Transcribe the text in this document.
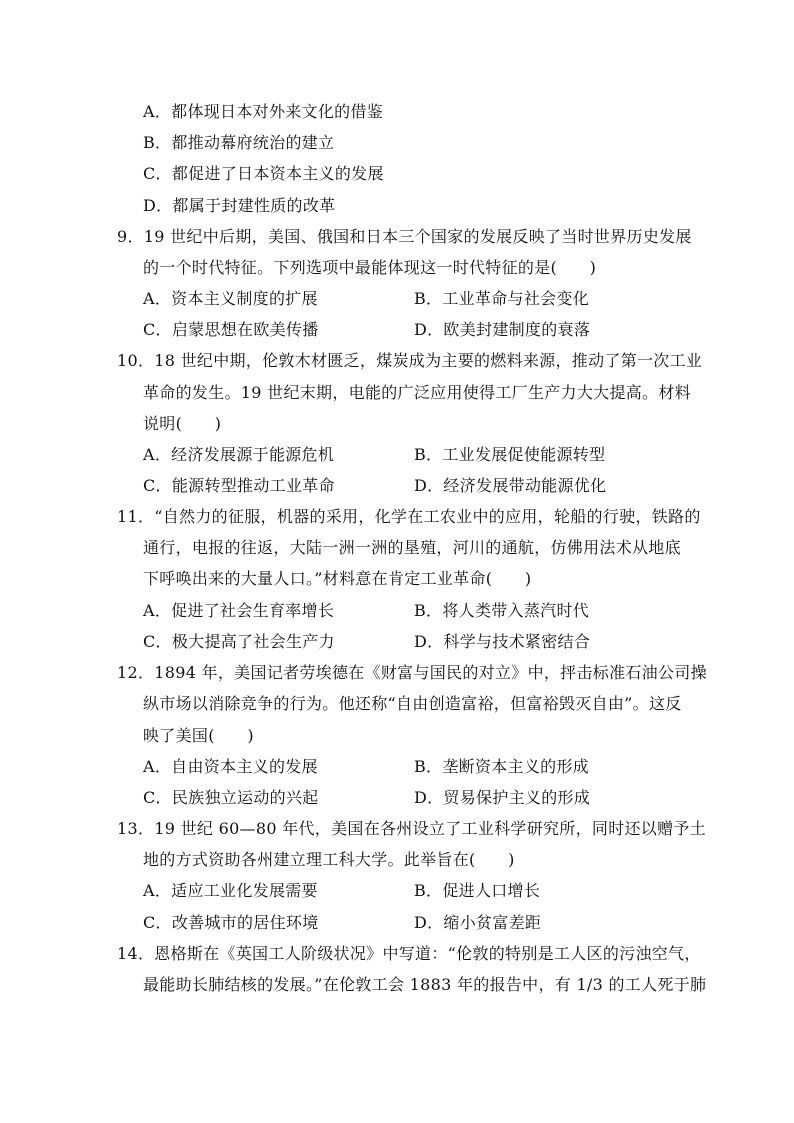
A．都体现日本对外来文化的借鉴
B．都推动幕府统治的建立
C．都促进了日本资本主义的发展
D．都属于封建性质的改革
9．19 世纪中后期，美国、俄国和日本三个国家的发展反映了当时世界历史发展
的一个时代特征。下列选项中最能体现这一时代特征的是(　　)
A．资本主义制度的扩展	B．工业革命与社会变化
C．启蒙思想在欧美传播	D．欧美封建制度的衰落
10．18 世纪中期，伦敦木材匮乏，煤炭成为主要的燃料来源，推动了第一次工业
革命的发生。19 世纪末期，电能的广泛应用使得工厂生产力大大提高。材料
说明(　　)
A．经济发展源于能源危机	B．工业发展促使能源转型
C．能源转型推动工业革命	D．经济发展带动能源优化
11．“自然力的征服，机器的采用，化学在工农业中的应用，轮船的行驶，铁路的
通行，电报的往返，大陆一洲一洲的垦殖，河川的通航，仿佛用法术从地底
下呼唤出来的大量人口。”材料意在肯定工业革命(　　)
A．促进了社会生育率增长	B．将人类带入蒸汽时代
C．极大提高了社会生产力	D．科学与技术紧密结合
12．1894 年，美国记者劳埃德在《财富与国民的对立》中，抨击标准石油公司操
纵市场以消除竞争的行为。他还称“自由创造富裕，但富裕毁灭自由”。这反
映了美国(　　)
A．自由资本主义的发展	B．垄断资本主义的形成
C．民族独立运动的兴起	D．贸易保护主义的形成
13．19 世纪 60—80 年代，美国在各州设立了工业科学研究所，同时还以赠予土
地的方式资助各州建立理工科大学。此举旨在(　　)
A．适应工业化发展需要	B．促进人口增长
C．改善城市的居住环境	D．缩小贫富差距
14．恩格斯在《英国工人阶级状况》中写道：“伦敦的特别是工人区的污浊空气，
最能助长肺结核的发展。”在伦敦工会 1883 年的报告中，有 1/3 的工人死于肺
